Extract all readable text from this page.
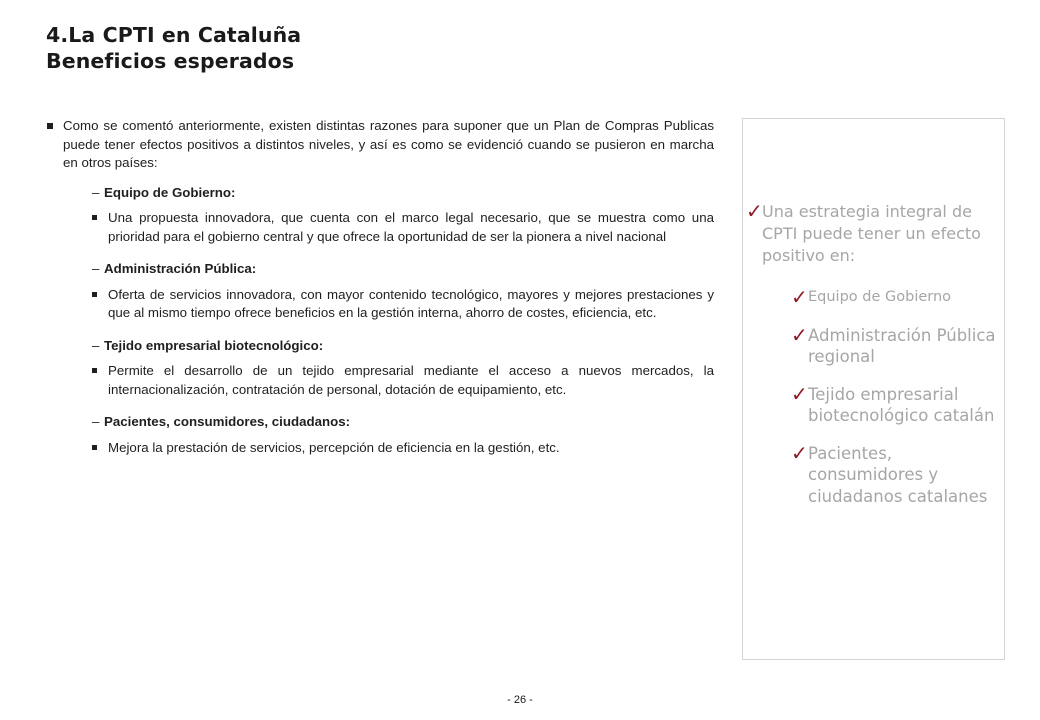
4.La CPTI en Cataluña
Beneficios esperados

Como se comentó anteriormente, existen distintas razones para suponer que un Plan de Compras Publicas puede tener efectos positivos a distintos niveles, y así es como se evidenció cuando se pusieron en marcha en otros países:

– Equipo de Gobierno:
Una propuesta innovadora, que cuenta con el marco legal necesario, que se muestra como una prioridad para el gobierno central y que ofrece la oportunidad de ser la pionera a nivel nacional
– Administración Pública:
Oferta de servicios innovadora, con mayor contenido tecnológico, mayores y mejores prestaciones y que al mismo tiempo ofrece beneficios en la gestión interna, ahorro de costes, eficiencia, etc.
– Tejido empresarial biotecnológico:
Permite el desarrollo de un tejido empresarial mediante el acceso a nuevos mercados, la internacionalización, contratación de personal, dotación de equipamiento, etc.
– Pacientes, consumidores, ciudadanos:
Mejora la prestación de servicios, percepción de eficiencia en la gestión, etc.
✓ Una estrategia integral de CPTI puede tener un efecto positivo en:
✓ Equipo de Gobierno
✓ Administración Pública regional
✓ Tejido empresarial biotecnológico catalán
✓ Pacientes, consumidores y ciudadanos catalanes
- 26 -
